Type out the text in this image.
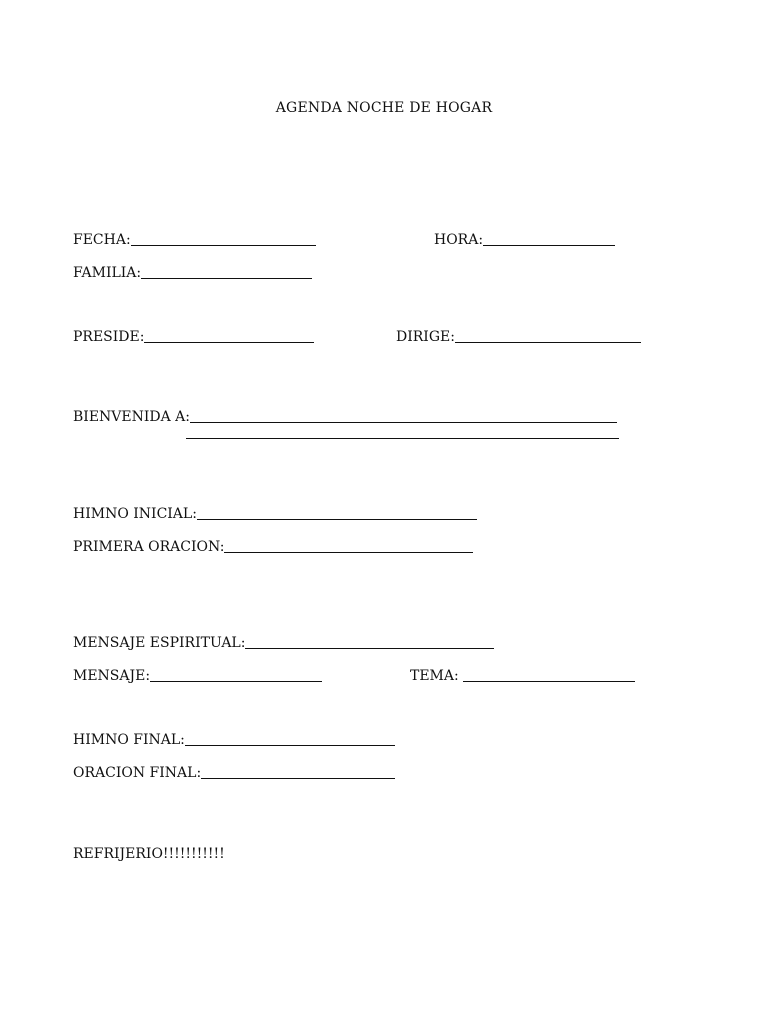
AGENDA NOCHE DE HOGAR
FECHA:	HORA:
FAMILIA:
PRESIDE:	DIRIGE:
BIENVENIDA A:
HIMNO INICIAL:
PRIMERA ORACION:
MENSAJE ESPIRITUAL:
MENSAJE:	TEMA:
HIMNO FINAL:
ORACION FINAL:
REFRIJERIO!!!!!!!!!!!
